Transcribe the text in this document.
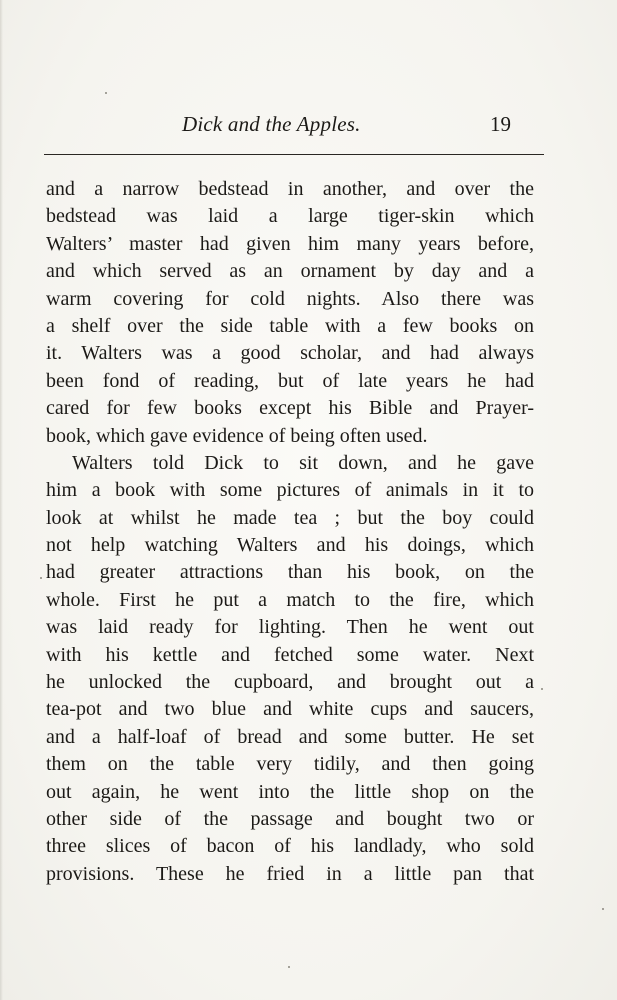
Dick and the Apples.	19
and a narrow bedstead in another, and over the
bedstead was laid a large tiger-skin which
Walters’ master had given him many years before,
and which served as an ornament by day and a
warm covering for cold nights. Also there was
a shelf over the side table with a few books on
it. Walters was a good scholar, and had always
been fond of reading, but of late years he had
cared for few books except his Bible and Prayer-
book, which gave evidence of being often used.
Walters told Dick to sit down, and he gave
him a book with some pictures of animals in it to
look at whilst he made tea ; but the boy could
not help watching Walters and his doings, which
had greater attractions than his book, on the
whole. First he put a match to the fire, which
was laid ready for lighting. Then he went out
with his kettle and fetched some water. Next
he unlocked the cupboard, and brought out a
tea-pot and two blue and white cups and saucers,
and a half-loaf of bread and some butter. He set
them on the table very tidily, and then going
out again, he went into the little shop on the
other side of the passage and bought two or
three slices of bacon of his landlady, who sold
provisions. These he fried in a little pan that
